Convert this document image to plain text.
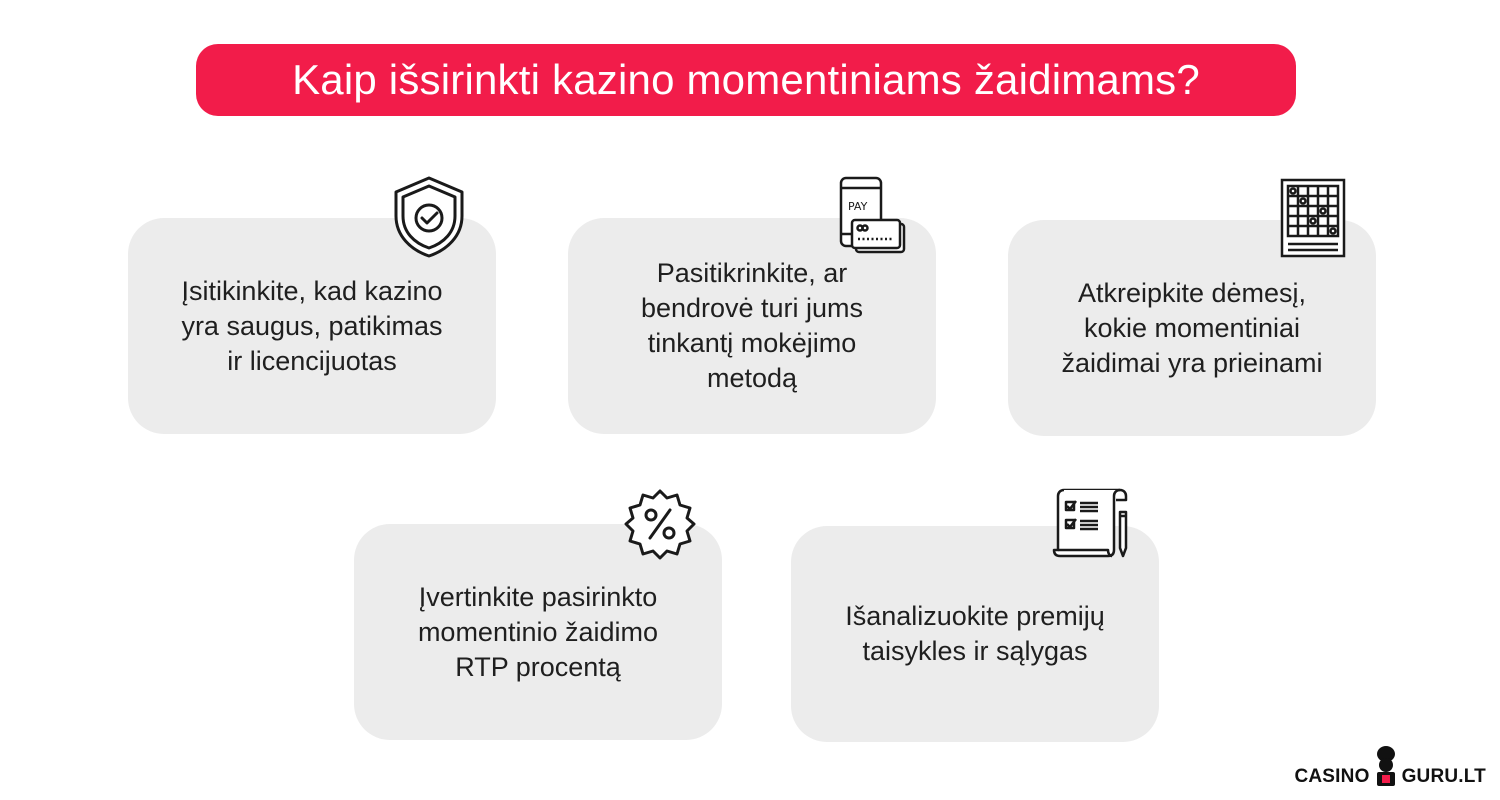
Kaip išsirinkti kazino momentiniams žaidimams?
Įsitikinkite, kad kazino
yra saugus, patikimas
ir licencijuotas
Pasitikrinkite, ar
bendrovė turi jums
tinkantį mokėjimo
metodą
PAY
Atkreipkite dėmesį,
kokie momentiniai
žaidimai yra prieinami
Įvertinkite pasirinkto
momentinio žaidimo
RTP procentą
Išanalizuokite premijų
taisykles ir sąlygas
CASINO GURU.LT
